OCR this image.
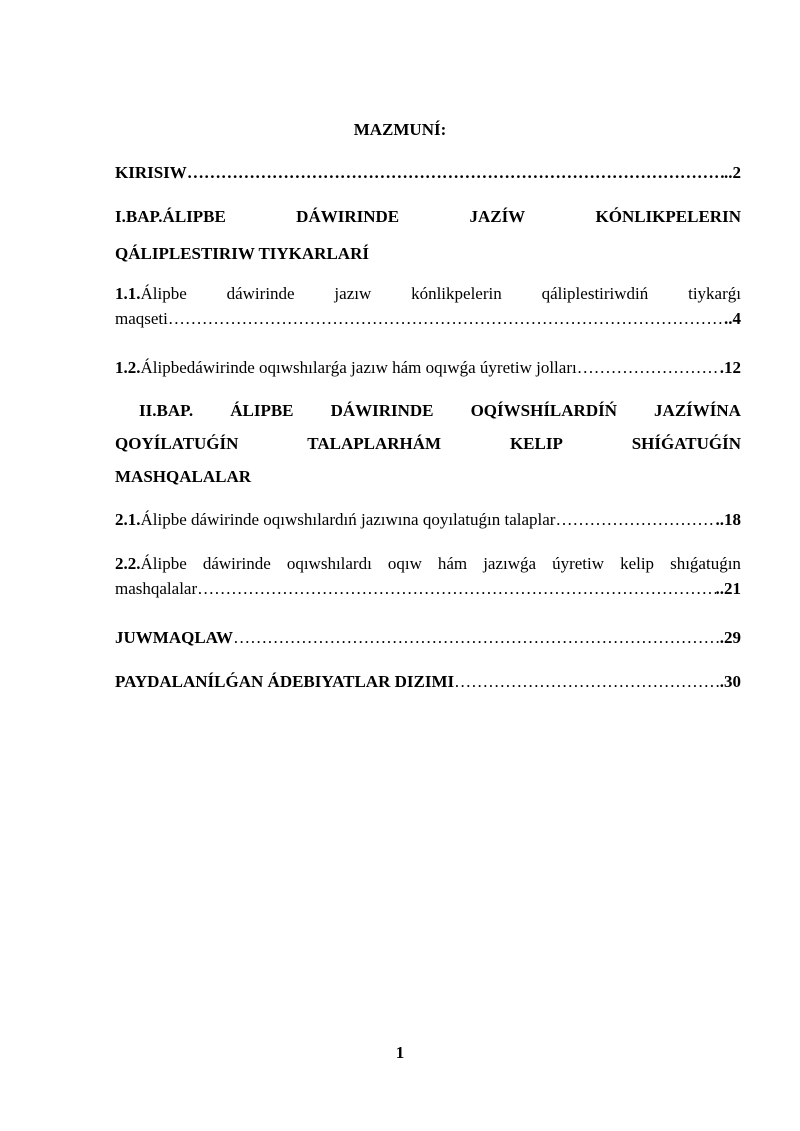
MAZMUNÍ:
KIRISIW ………………………………………………………………………………………………………………………………………………	..2
I.BAP.ÁLIPBE	DÁWIRINDE	JAZÍW	KÓNLIKPELERIN
QÁLIPLESTIRIW TIYKARLARÍ
1.1.Álipbe dáwirinde jazıw kónlikpelerin qáliplestiriwdiń tiykarǵı
maqseti ………………………………………………………………………………………………………………………………………………	..4
1.2. Álipbedáwirinde oqıwshılarǵa jazıw hám oqıwǵa úyretiw jolları ………………………………………………………………………………………………………………………………………………	.12
II.BAP. ÁLIPBE DÁWIRINDE OQÍWSHÍLARDÍŃ JAZÍWÍNA
QOYÍLATUǴÍN	TALAPLARHÁM	KELIP	SHÍǴATUǴÍN
MASHQALALAR
2.1. Álipbe dáwirinde oqıwshılardıń jazıwına qoyılatuǵın talaplar ………………………………………………………………………………………………………………………………………………	..18
2.2.Álipbe dáwirinde oqıwshılardı oqıw hám jazıwǵa úyretiw kelip shıǵatuǵın
mashqalalar ………………………………………………………………………………………………………………………………………………	..21
JUWMAQLAW ………………………………………………………………………………………………………………………………………………	.29
PAYDALANÍLǴAN ÁDEBIYATLAR DIZIMI ………………………………………………………………………………………………………………………………………………	.30
1
